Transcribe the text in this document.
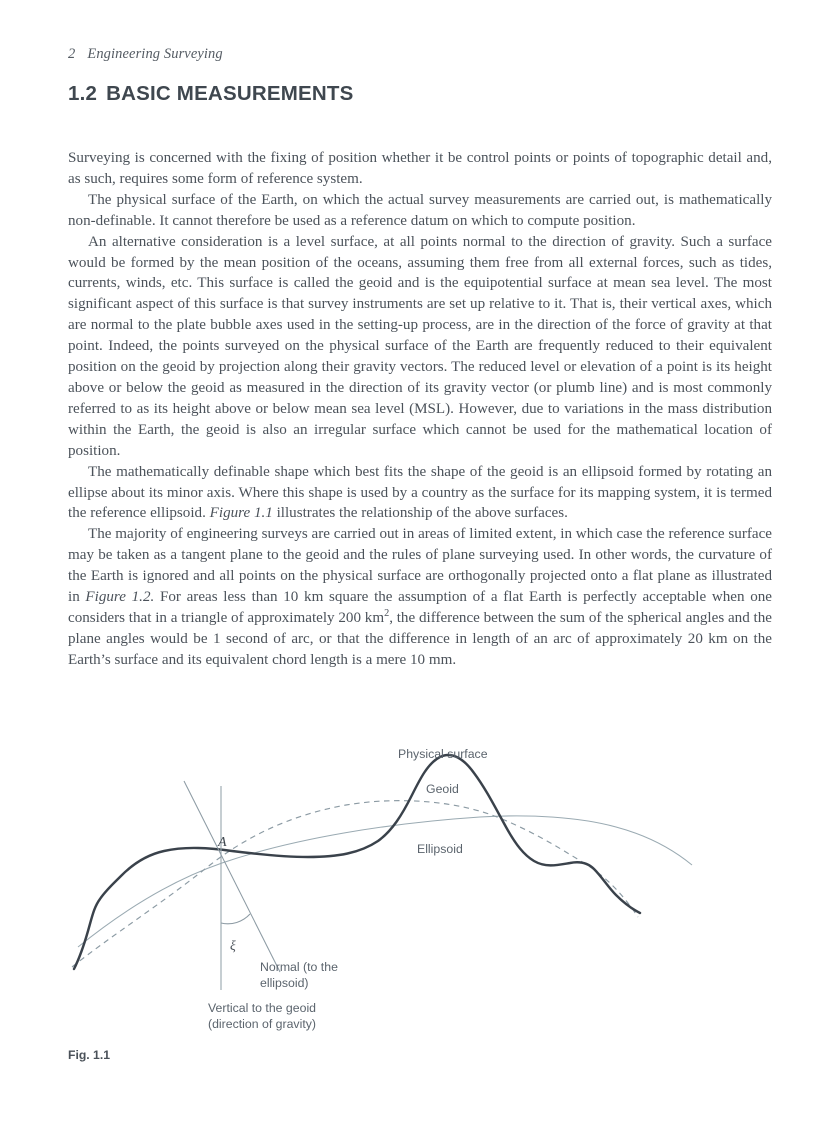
2 Engineering Surveying
1.2 BASIC MEASUREMENTS

Surveying is concerned with the fixing of position whether it be control points or points of topographic detail and, as such, requires some form of reference system.

The physical surface of the Earth, on which the actual survey measurements are carried out, is mathematically non-definable. It cannot therefore be used as a reference datum on which to compute position.

An alternative consideration is a level surface, at all points normal to the direction of gravity. Such a surface would be formed by the mean position of the oceans, assuming them free from all external forces, such as tides, currents, winds, etc. This surface is called the geoid and is the equipotential surface at mean sea level. The most significant aspect of this surface is that survey instruments are set up relative to it. That is, their vertical axes, which are normal to the plate bubble axes used in the setting-up process, are in the direction of the force of gravity at that point. Indeed, the points surveyed on the physical surface of the Earth are frequently reduced to their equivalent position on the geoid by projection along their gravity vectors. The reduced level or elevation of a point is its height above or below the geoid as measured in the direction of its gravity vector (or plumb line) and is most commonly referred to as its height above or below mean sea level (MSL). However, due to variations in the mass distribution within the Earth, the geoid is also an irregular surface which cannot be used for the mathematical location of position.

The mathematically definable shape which best fits the shape of the geoid is an ellipsoid formed by rotating an ellipse about its minor axis. Where this shape is used by a country as the surface for its mapping system, it is termed the reference ellipsoid. Figure 1.1 illustrates the relationship of the above surfaces.

The majority of engineering surveys are carried out in areas of limited extent, in which case the reference surface may be taken as a tangent plane to the geoid and the rules of plane surveying used. In other words, the curvature of the Earth is ignored and all points on the physical surface are orthogonally projected onto a flat plane as illustrated in Figure 1.2. For areas less than 10 km square the assumption of a flat Earth is perfectly acceptable when one considers that in a triangle of approximately 200 $km^2$, the difference between the sum of the spherical angles and the plane angles would be 1 second of arc, or that the difference in length of an arc of approximately 20 km on the Earth’s surface and its equivalent chord length is a mere 10 mm.

A
ξ
Physical surface
Geoid
Ellipsoid
Normal (to the
ellipsoid)
Vertical to the geoid
(direction of gravity)
Fig. 1.1
